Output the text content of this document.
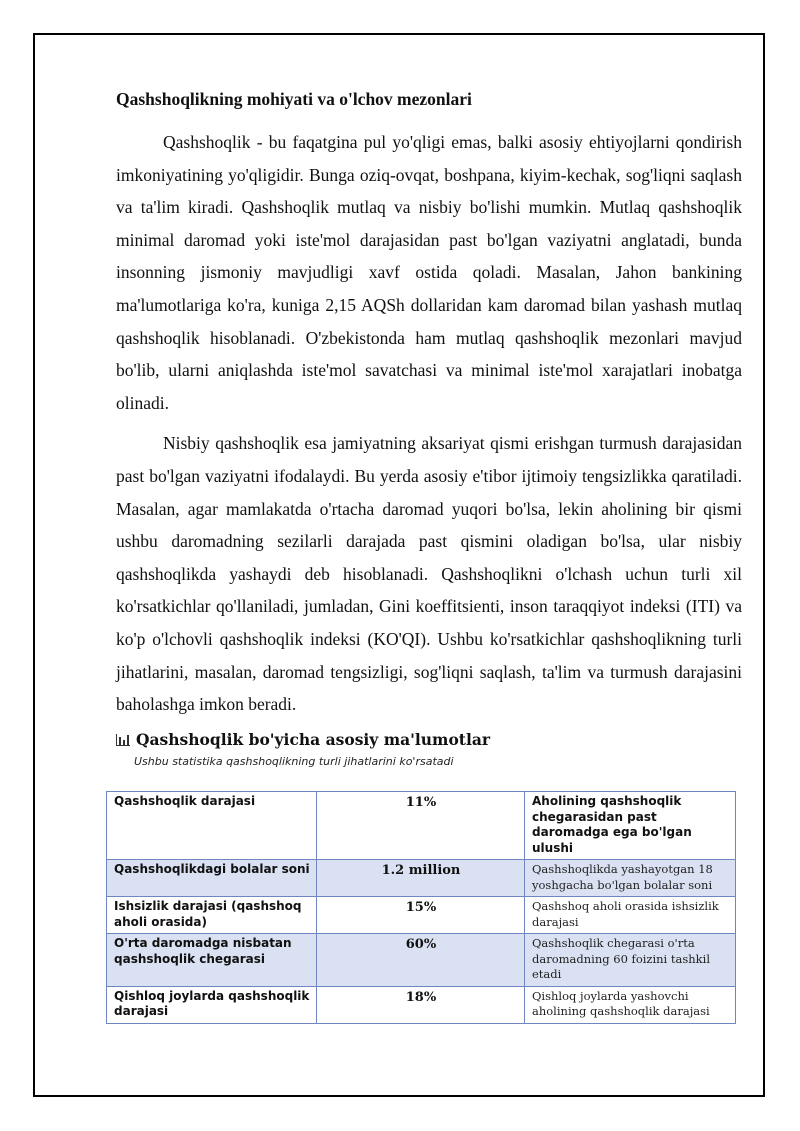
Qashshoqlikning mohiyati va o'lchov mezonlari

Qashshoqlik - bu faqatgina pul yo'qligi emas, balki asosiy ehtiyojlarni qondirish imkoniyatining yo'qligidir. Bunga oziq-ovqat, boshpana, kiyim-kechak, sog'liqni saqlash va ta'lim kiradi. Qashshoqlik mutlaq va nisbiy bo'lishi mumkin. Mutlaq qashshoqlik minimal daromad yoki iste'mol darajasidan past bo'lgan vaziyatni anglatadi, bunda insonning jismoniy mavjudligi xavf ostida qoladi. Masalan, Jahon bankining ma'lumotlariga ko'ra, kuniga 2,15 AQSh dollaridan kam daromad bilan yashash mutlaq qashshoqlik hisoblanadi. O'zbekistonda ham mutlaq qashshoqlik mezonlari mavjud bo'lib, ularni aniqlashda iste'mol savatchasi va minimal iste'mol xarajatlari inobatga olinadi.

Nisbiy qashshoqlik esa jamiyatning aksariyat qismi erishgan turmush darajasidan past bo'lgan vaziyatni ifodalaydi. Bu yerda asosiy e'tibor ijtimoiy tengsizlikka qaratiladi. Masalan, agar mamlakatda o'rtacha daromad yuqori bo'lsa, lekin aholining bir qismi ushbu daromadning sezilarli darajada past qismini oladigan bo'lsa, ular nisbiy qashshoqlikda yashaydi deb hisoblanadi. Qashshoqlikni o'lchash uchun turli xil ko'rsatkichlar qo'llaniladi, jumladan, Gini koeffitsienti, inson taraqqiyot indeksi (ITI) va ko'p o'lchovli qashshoqlik indeksi (KO'QI). Ushbu ko'rsatkichlar qashshoqlikning turli jihatlarini, masalan, daromad tengsizligi, sog'liqni saqlash, ta'lim va turmush darajasini baholashga imkon beradi.

Qashshoqlik bo'yicha asosiy ma'lumotlar
Ushbu statistika qashshoqlikning turli jihatlarini ko'rsatadi
Qashshoqlik darajasi	11%	Aholining qashshoqlik chegarasidan past daromadga ega bo'lgan ulushi
Qashshoqlikdagi bolalar soni	1.2 million	Qashshoqlikda yashayotgan 18 yoshgacha bo'lgan bolalar soni
Ishsizlik darajasi (qashshoq aholi orasida)	15%	Qashshoq aholi orasida ishsizlik darajasi
O'rta daromadga nisbatan qashshoqlik chegarasi	60%	Qashshoqlik chegarasi o'rta daromadning 60 foizini tashkil etadi
Qishloq joylarda qashshoqlik darajasi	18%	Qishloq joylarda yashovchi aholining qashshoqlik darajasi
